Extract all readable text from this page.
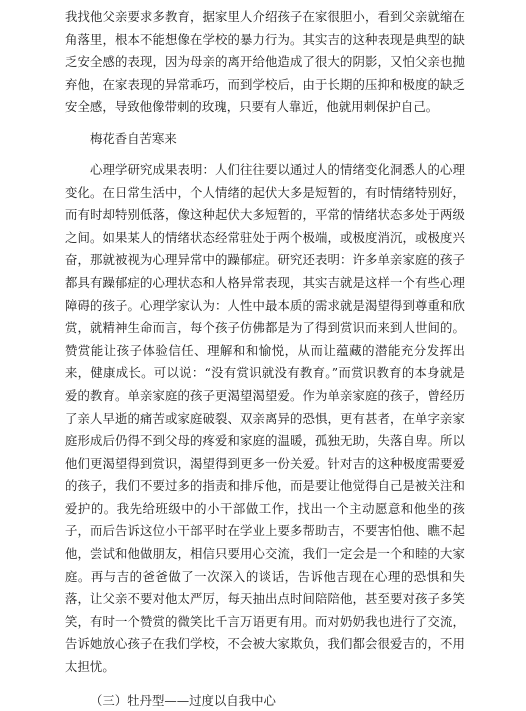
我找他父亲要求多教育，据家里人介绍孩子在家很胆小，看到父亲就缩在角落里，根本不能想像在学校的暴力行为。其实吉的这种表现是典型的缺乏安全感的表现，因为母亲的离开给他造成了很大的阴影，又怕父亲也抛弃他，在家表现的异常乖巧，而到学校后，由于长期的压抑和极度的缺乏安全感，导致他像带刺的玫瑰，只要有人靠近，他就用刺保护自己。

梅花香自苦寒来

心理学研究成果表明：人们往往要以通过人的情绪变化洞悉人的心理变化。在日常生活中，个人情绪的起伏大多是短暂的，有时情绪特别好，而有时却特别低落，像这种起伏大多短暂的，平常的情绪状态多处于两级之间。如果某人的情绪状态经常驻处于两个极端，或极度消沉，或极度兴奋，那就被视为心理异常中的躁郁症。研究还表明：许多单亲家庭的孩子都具有躁郁症的心理状态和人格异常表现，其实吉就是这样一个有些心理障碍的孩子。心理学家认为：人性中最本质的需求就是渴望得到尊重和欣赏，就精神生命而言，每个孩子仿佛都是为了得到赏识而来到人世间的。赞赏能让孩子体验信任、理解和和愉悦，从而让蕴藏的潜能充分发挥出来，健康成长。可以说：“没有赏识就没有教育。”而赏识教育的本身就是爱的教育。单亲家庭的孩子更渴望渴望爱。作为单亲家庭的孩子，曾经历了亲人早逝的痛苦或家庭破裂、双亲离异的恐惧，更有甚者，在单字亲家庭形成后仍得不到父母的疼爱和家庭的温暖，孤独无助，失落自卑。所以他们更渴望得到赏识，渴望得到更多一份关爱。针对吉的这种极度需要爱的孩子，我们不要过多的指责和排斥他，而是要让他觉得自己是被关注和爱护的。我先给班级中的小干部做工作，找出一个主动愿意和他坐的孩子，而后告诉这位小干部平时在学业上要多帮助吉，不要害怕他、瞧不起他，尝试和他做朋友，相信只要用心交流，我们一定会是一个和睦的大家庭。再与吉的爸爸做了一次深入的谈话，告诉他吉现在心理的恐惧和失落，让父亲不要对他太严厉，每天抽出点时间陪陪他，甚至要对孩子多笑笑，有时一个赞赏的微笑比千言万语更有用。而对奶奶我也进行了交流，告诉她放心孩子在我们学校，不会被大家欺负，我们都会很爱吉的，不用太担忧。

（三）牡丹型——过度以自我中心
